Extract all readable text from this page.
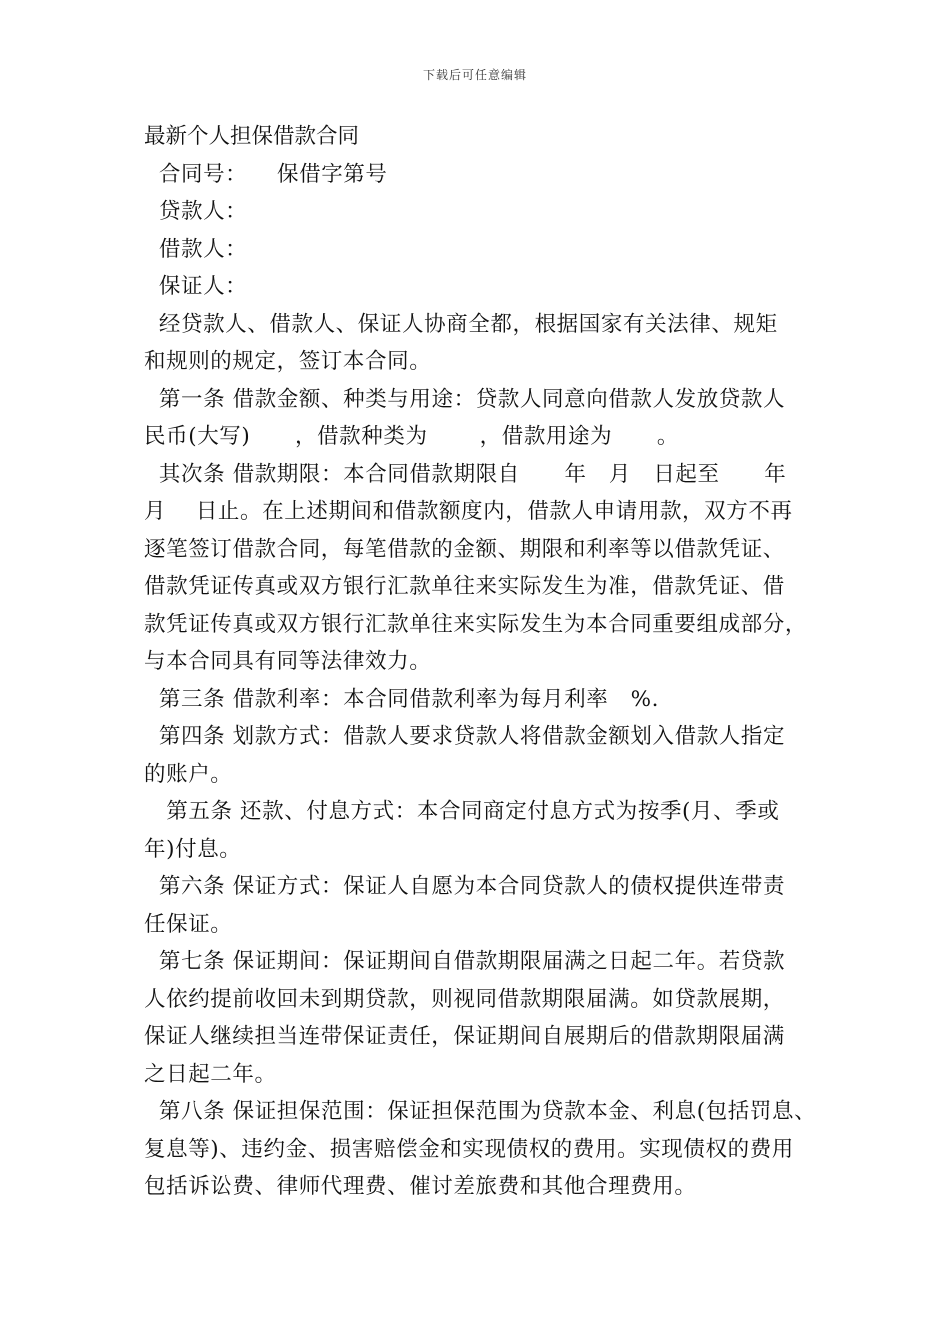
下载后可任意编辑
最新个人担保借款合同
合同号：    保借字第号
贷款人：
借款人：
保证人：
经贷款人、借款人、保证人协商全都，根据国家有关法律、规矩
和规则的规定，签订本合同。
第一条 借款金额、种类与用途：贷款人同意向借款人发放贷款人
民币(大写)      ，借款种类为       ，借款用途为      。
其次条 借款期限：本合同借款期限自      年   月   日起至      年
月    日止。在上述期间和借款额度内，借款人申请用款，双方不再
逐笔签订借款合同，每笔借款的金额、期限和利率等以借款凭证、
借款凭证传真或双方银行汇款单往来实际发生为准，借款凭证、借
款凭证传真或双方银行汇款单往来实际发生为本合同重要组成部分，
与本合同具有同等法律效力。
第三条 借款利率：本合同借款利率为每月利率   %.
第四条 划款方式：借款人要求贷款人将借款金额划入借款人指定
的账户。
第五条 还款、付息方式：本合同商定付息方式为按季(月、季或
年)付息。
第六条 保证方式：保证人自愿为本合同贷款人的债权提供连带责
任保证。
第七条 保证期间：保证期间自借款期限届满之日起二年。若贷款
人依约提前收回未到期贷款，则视同借款期限届满。如贷款展期，
保证人继续担当连带保证责任，保证期间自展期后的借款期限届满
之日起二年。
第八条 保证担保范围：保证担保范围为贷款本金、利息(包括罚息、
复息等)、违约金、损害赔偿金和实现债权的费用。实现债权的费用
包括诉讼费、律师代理费、催讨差旅费和其他合理费用。
